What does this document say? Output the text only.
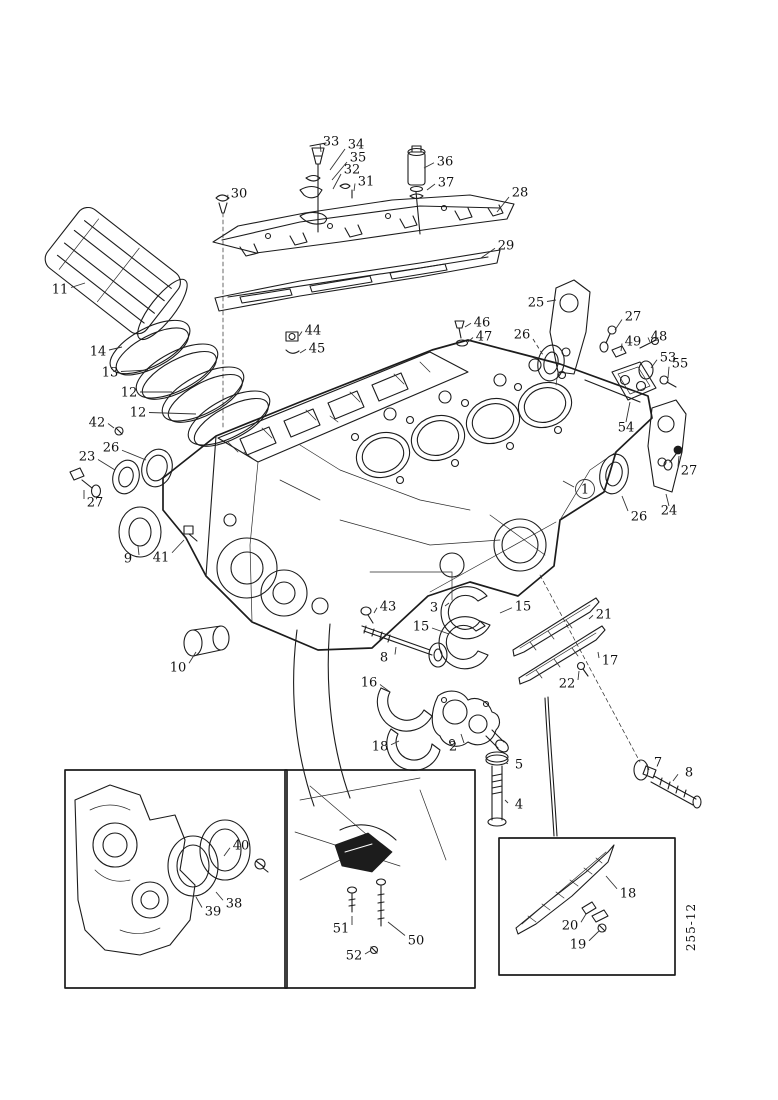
33 34
35
32
31
36
37
30	28
29
11
14
13
12
12
42
26
23
27
9 41
10
44
45
46
47
25
26
27
49 48
53
55
54
27
24
26
1
43	3	15
15
8
16
18	2
5
4
21
17
22
7
8
40
38
39
51
50
52
18
20
19	255-12
